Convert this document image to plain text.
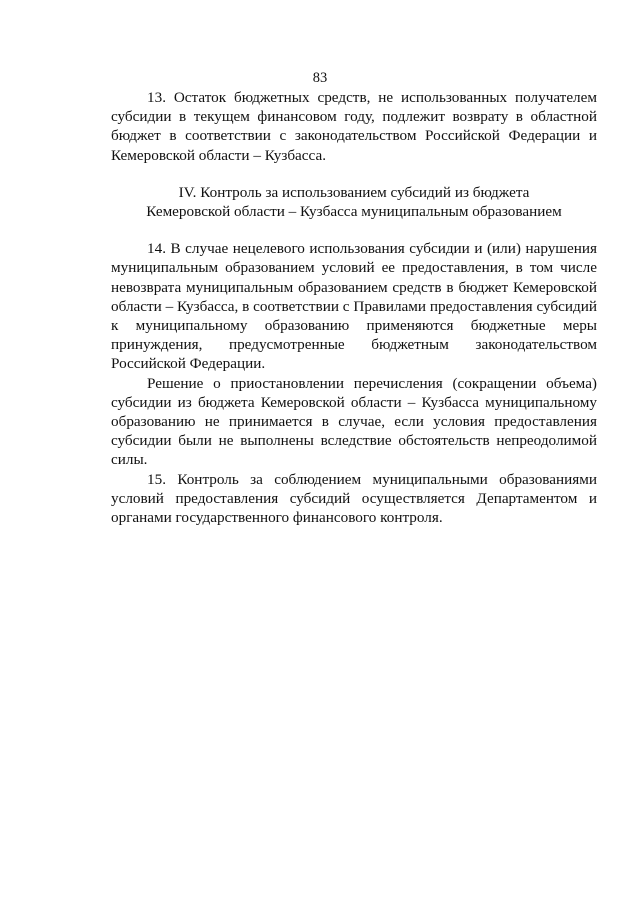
83

13. Остаток бюджетных средств, не использованных получателем субсидии в текущем финансовом году, подлежит возврату в областной бюджет в соответствии с законодательством Российской Федерации и Кемеровской области – Кузбасса.

IV. Контроль за использованием субсидий из бюджета
Кемеровской области – Кузбасса муниципальным образованием

14. В случае нецелевого использования субсидии и (или) нарушения муниципальным образованием условий ее предоставления, в том числе невозврата муниципальным образованием средств в бюджет Кемеровской области – Кузбасса, в соответствии с Правилами предоставления субсидий к муниципальному образованию применяются бюджетные меры принуждения, предусмотренные бюджетным законодательством Российской Федерации.

Решение о приостановлении перечисления (сокращении объема) субсидии из бюджета Кемеровской области – Кузбасса муниципальному образованию не принимается в случае, если условия предоставления субсидии были не выполнены вследствие обстоятельств непреодолимой силы.

15. Контроль за соблюдением муниципальными образованиями условий предоставления субсидий осуществляется Департаментом и органами государственного финансового контроля.
